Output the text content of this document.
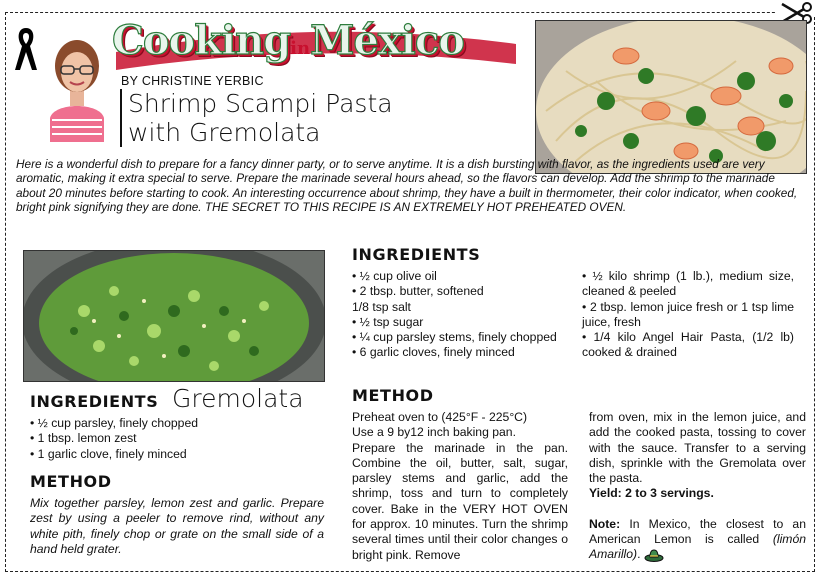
CookinginMéxico
BY CHRISTINE YERBIC
Shrimp Scampi Pasta
with Gremolata
Here is a wonderful dish to prepare for a fancy dinner party, or to serve anytime. It is a dish bursting with flavor, as the ingredients used are very aromatic, making it extra special to serve. Prepare the marinade several hours ahead, so the flavors can develop. Add the shrimp to the marinade about 20 minutes before starting to cook. An interesting occurrence about shrimp, they have a built in thermometer, their color indicator, when cooked, bright pink signifying they are done. THE SECRET TO THIS RECIPE IS AN EXTREMELY HOT PREHEATED OVEN.
INGREDIENTS Gremolata
• ½ cup parsley, finely chopped
• 1 tbsp. lemon zest
• 1 garlic clove, finely minced
METHOD
Mix together parsley, lemon zest and garlic. Prepare zest by using a peeler to remove rind, without any white pith, finely chop or grate on the small side of a hand held grater.
INGREDIENTS
• ½ cup olive oil
• 2 tbsp. butter, softened
1/8 tsp salt
• ½ tsp sugar
• ¼ cup parsley stems, finely chopped
• 6 garlic cloves, finely minced
• ½ kilo shrimp (1 lb.), medium size, cleaned & peeled
• 2 tbsp. lemon juice fresh or 1 tsp lime juice, fresh
• 1/4 kilo Angel Hair Pasta, (1/2 lb) cooked & drained
METHOD
Preheat oven to (425°F - 225°C)
Use a 9 by12 inch baking pan.
Prepare the marinade in the pan. Combine the oil, butter, salt, sugar, parsley stems and garlic, add the shrimp, toss and turn to completely cover. Bake in the VERY HOT OVEN for approx. 10 minutes. Turn the shrimp several times until their color changes o bright pink. Remove
from oven, mix in the lemon juice, and add the cooked pasta, tossing to cover with the sauce. Transfer to a serving dish, sprinkle with the Gremolata over the pasta.
Yield: 2 to 3 servings.
Note: In Mexico, the closest to an American Lemon is called (limón Amarillo).
